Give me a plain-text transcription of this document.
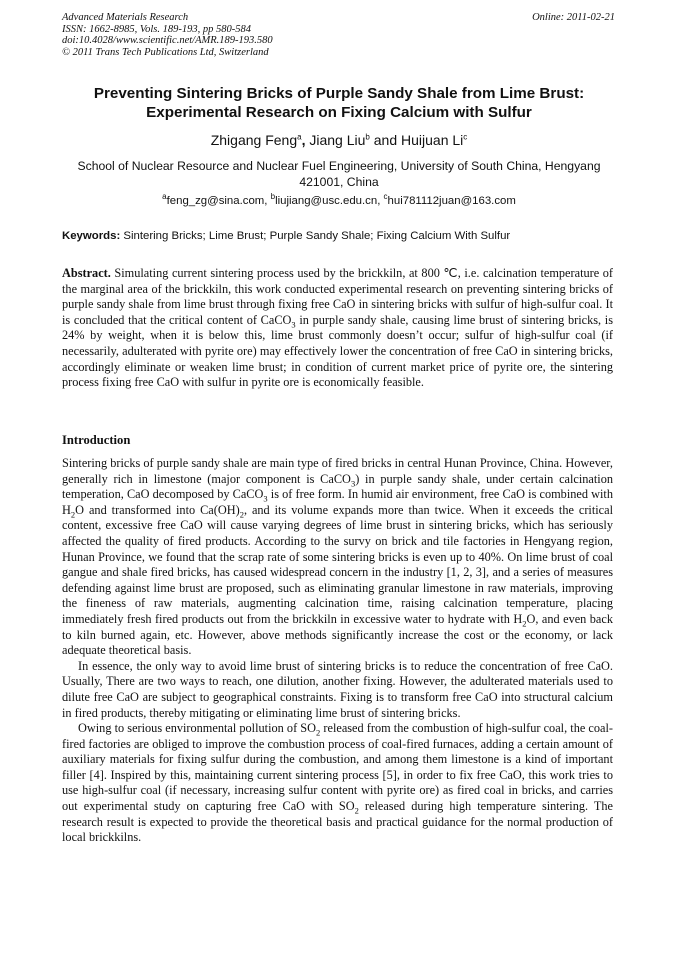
Advanced Materials Research
ISSN: 1662-8985, Vols. 189-193, pp 580-584
doi:10.4028/www.scientific.net/AMR.189-193.580
© 2011 Trans Tech Publications Ltd, Switzerland
Online: 2011-02-21
Preventing Sintering Bricks of Purple Sandy Shale from Lime Brust:
Experimental Research on Fixing Calcium with Sulfur
Zhigang Feng$^a$, Jiang Liu$^b$ and Huijuan Li$^c$
School of Nuclear Resource and Nuclear Fuel Engineering, University of South China, Hengyang 421001, China
$^a$feng_zg@sina.com, $^b$liujiang@usc.edu.cn, $^c$hui781112juan@163.com
Keywords: Sintering Bricks; Lime Brust; Purple Sandy Shale; Fixing Calcium With Sulfur
Abstract. Simulating current sintering process used by the brickkiln, at 800 ℃, i.e. calcination temperature of the marginal area of the brickkiln, this work conducted experimental research on preventing sintering bricks of purple sandy shale from lime brust through fixing free CaO in sintering bricks with sulfur of high-sulfur coal. It is concluded that the critical content of CaCO$_3$ in purple sandy shale, causing lime brust of sintering bricks, is 24% by weight, when it is below this, lime brust commonly doesn’t occur; sulfur of high-sulfur coal (if necessarily, adulterated with pyrite ore) may effectively lower the concentration of free CaO in sintering bricks, accordingly eliminate or weaken lime brust; in condition of current market price of pyrite ore, the sintering process fixing free CaO with sulfur in pyrite ore is economically feasible.
Introduction

Sintering bricks of purple sandy shale are main type of fired bricks in central Hunan Province, China. However, generally rich in limestone (major component is CaCO$_3$) in purple sandy shale, under certain calcination temperation, CaO decomposed by CaCO$_3$ is of free form. In humid air environment, free CaO is combined with $H_2O$ and transformed into $Ca(OH)_2$, and its volume expands more than twice. When it exceeds the critical content, excessive free CaO will cause varying degrees of lime brust in sintering bricks, which has seriously affected the quality of fired products. According to the survy on brick and tile factories in Hengyang region, Hunan Province, we found that the scrap rate of some sintering bricks is even up to 40%. On lime brust of coal gangue and shale fired bricks, has caused widespread concern in the industry [1, 2, 3], and a series of measures defending against lime brust are proposed, such as eliminating granular limestone in raw materials, improving the fineness of raw materials, augmenting calcination time, raising calcination temperature, placing immediately fresh fired products out from the brickkiln in excessive water to hydrate with $H_2O$, and even back to kiln burned again, etc. However, above methods significantly increase the cost or the economy, or lack adequate theoretical basis.

In essence, the only way to avoid lime brust of sintering bricks is to reduce the concentration of free CaO. Usually, There are two ways to reach, one dilution, another fixing. However, the adulterated materials used to dilute free CaO are subject to geographical constraints. Fixing is to transform free CaO into structural calcium in fired products, thereby mitigating or eliminating lime brust of sintering bricks.

Owing to serious environmental pollution of $SO_2$ released from the combustion of high-sulfur coal, the coal-fired factories are obliged to improve the combustion process of coal-fired furnaces, adding a certain amount of auxiliary materials for fixing sulfur during the combustion, and among them limestone is a kind of important filler [4]. Inspired by this, maintaining current sintering process [5], in order to fix free CaO, this work tries to use high-sulfur coal (if necessary, increasing sulfur content with pyrite ore) as fired coal in bricks, and carries out experimental study on capturing free CaO with $SO_2$ released during high temperature sintering. The research result is expected to provide the theoretical basis and practical guidance for the normal production of local brickkilns.
